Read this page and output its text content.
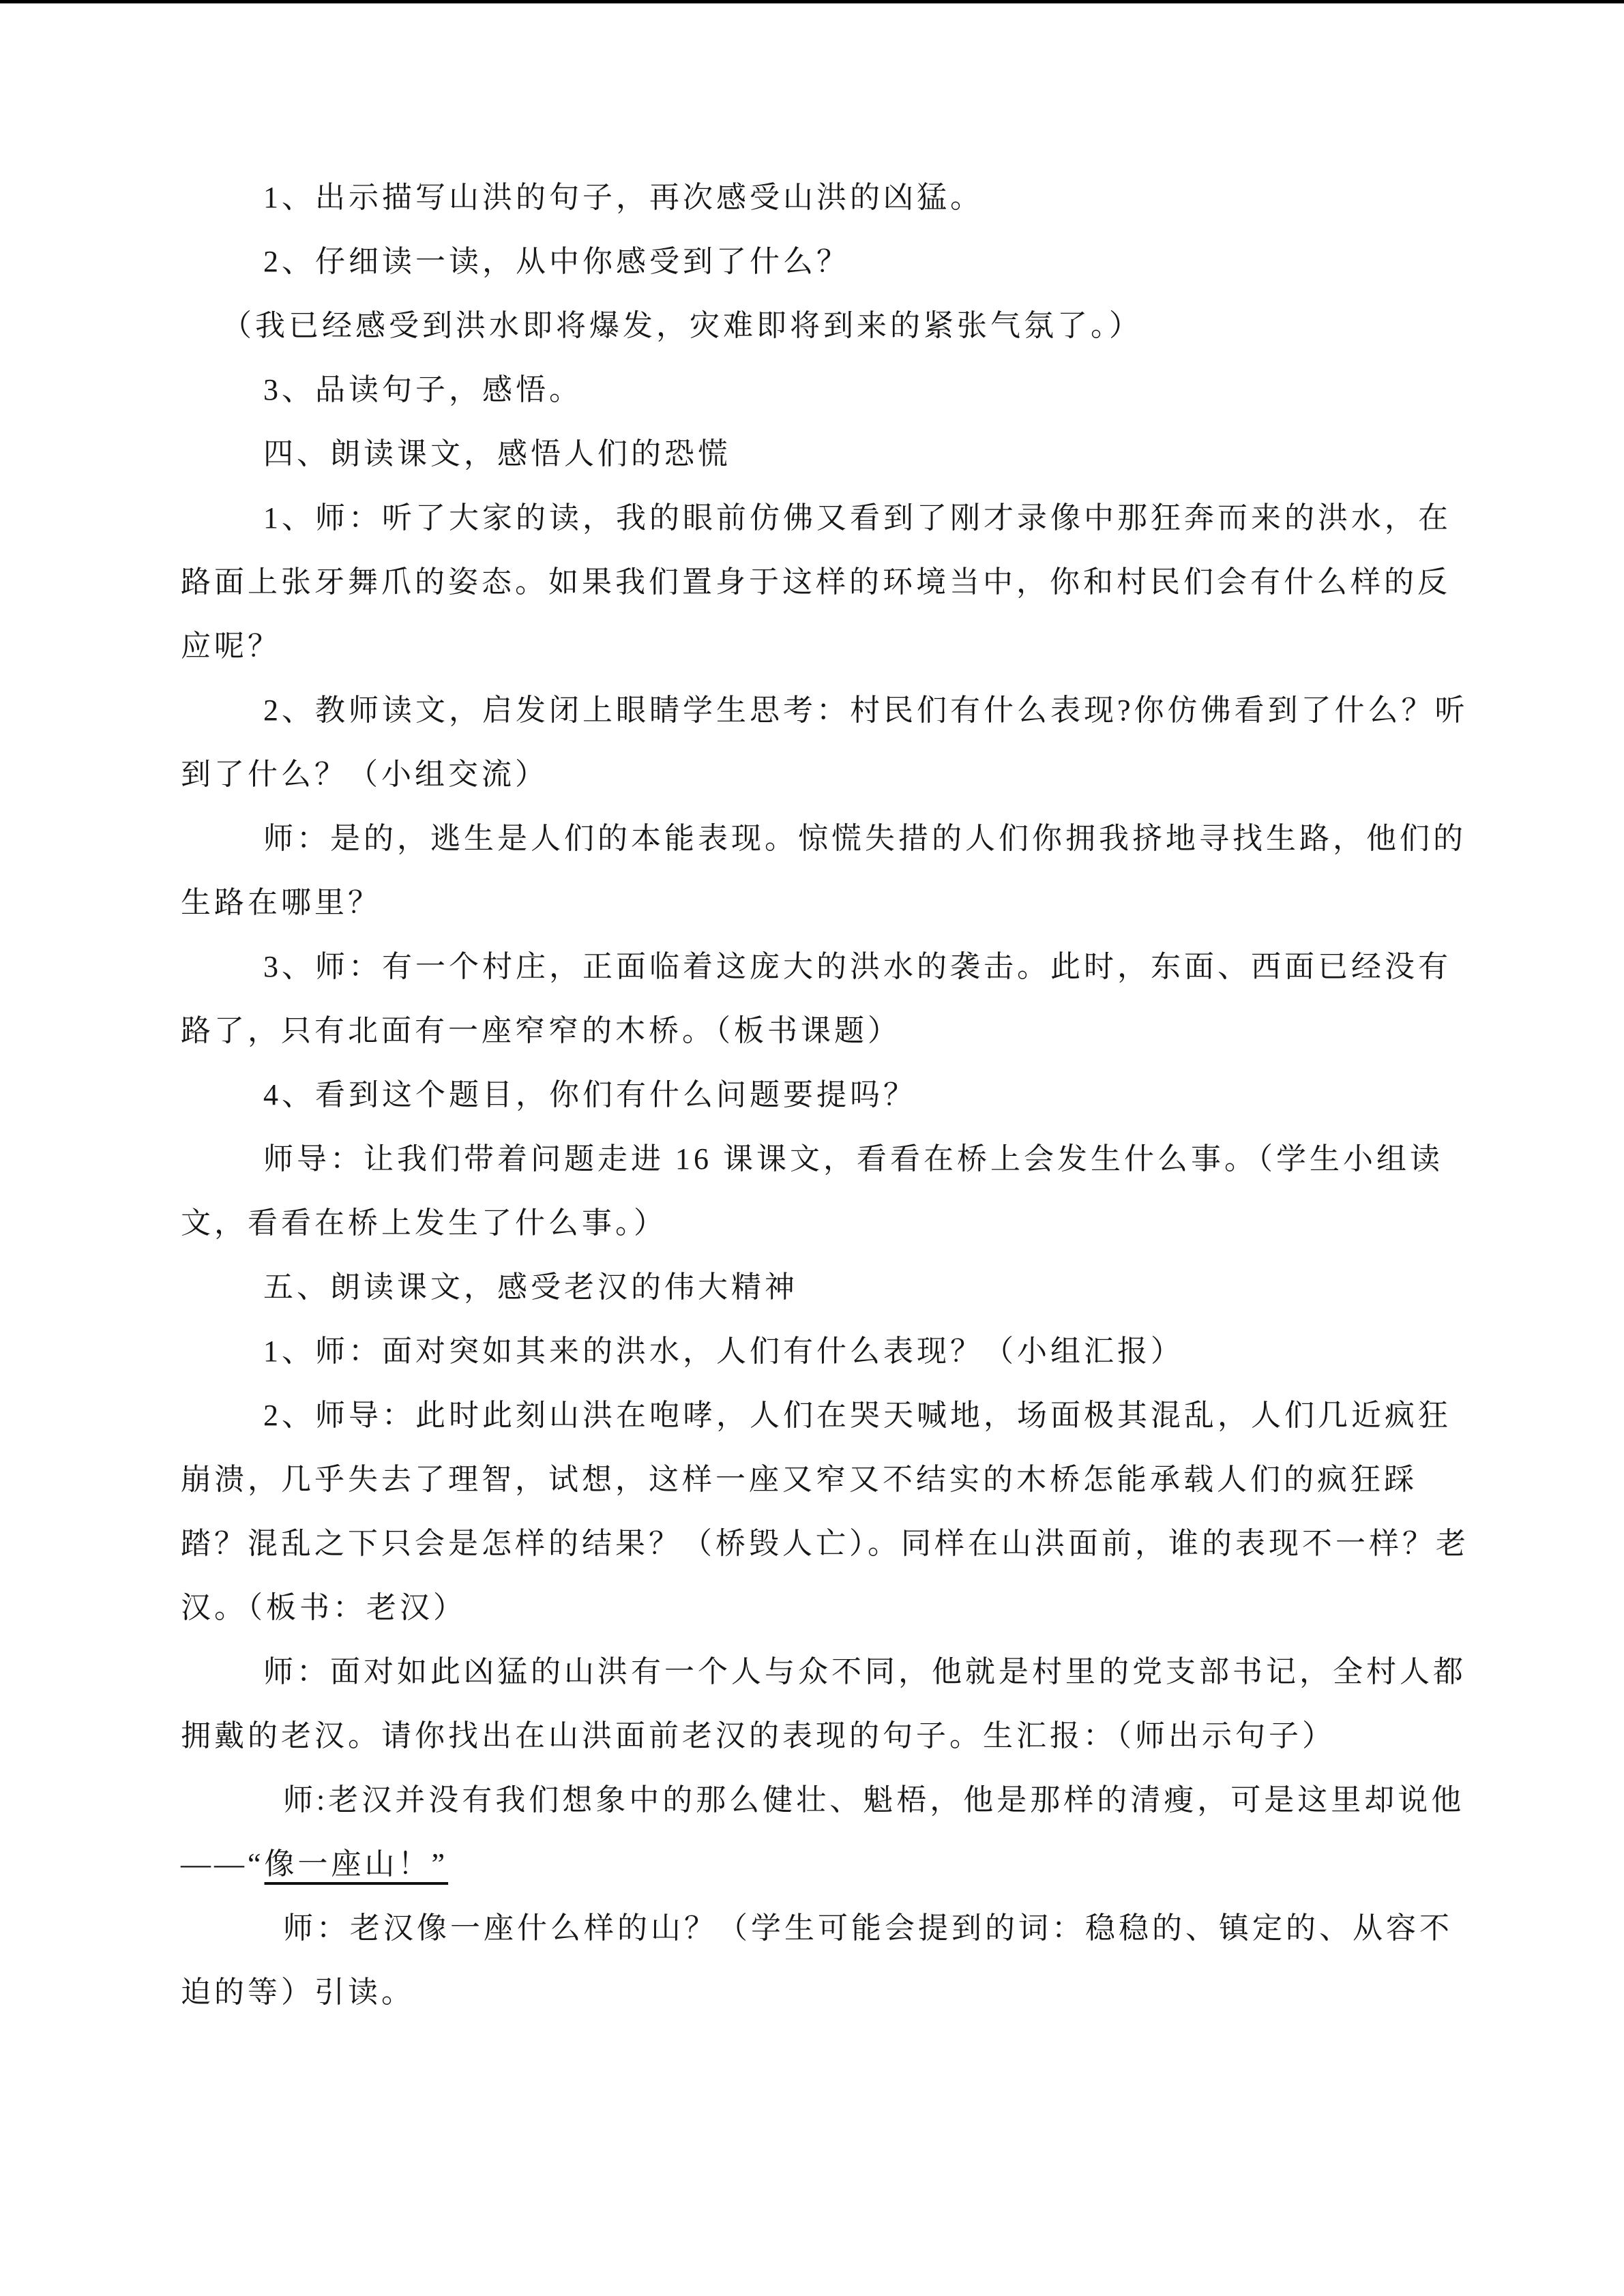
1、出示描写山洪的句子，再次感受山洪的凶猛。

2、仔细读一读，从中你感受到了什么？

（我已经感受到洪水即将爆发，灾难即将到来的紧张气氛了。）

3、品读句子，感悟。

四、朗读课文，感悟人们的恐慌

1、师：听了大家的读，我的眼前仿佛又看到了刚才录像中那狂奔而来的洪水，在路面上张牙舞爪的姿态。如果我们置身于这样的环境当中，你和村民们会有什么样的反应呢？

2、教师读文，启发闭上眼睛学生思考：村民们有什么表现?你仿佛看到了什么？听到了什么？（小组交流）

师：是的，逃生是人们的本能表现。惊慌失措的人们你拥我挤地寻找生路，他们的生路在哪里？

3、师：有一个村庄，正面临着这庞大的洪水的袭击。此时，东面、西面已经没有路了，只有北面有一座窄窄的木桥。（板书课题）

4、看到这个题目，你们有什么问题要提吗？

师导：让我们带着问题走进 16 课课文，看看在桥上会发生什么事。（学生小组读文，看看在桥上发生了什么事。）

五、朗读课文，感受老汉的伟大精神

1、师：面对突如其来的洪水，人们有什么表现？（小组汇报）

2、师导：此时此刻山洪在咆哮，人们在哭天喊地，场面极其混乱，人们几近疯狂崩溃，几乎失去了理智，试想，这样一座又窄又不结实的木桥怎能承载人们的疯狂踩踏？混乱之下只会是怎样的结果？（桥毁人亡）。同样在山洪面前，谁的表现不一样？老汉。（板书：老汉）

师：面对如此凶猛的山洪有一个人与众不同，他就是村里的党支部书记，全村人都拥戴的老汉。请你找出在山洪面前老汉的表现的句子。生汇报：（师出示句子）

师:老汉并没有我们想象中的那么健壮、魁梧，他是那样的清瘦，可是这里却说他——“像一座山！”

师：老汉像一座什么样的山？（学生可能会提到的词：稳稳的、镇定的、从容不迫的等）引读。
